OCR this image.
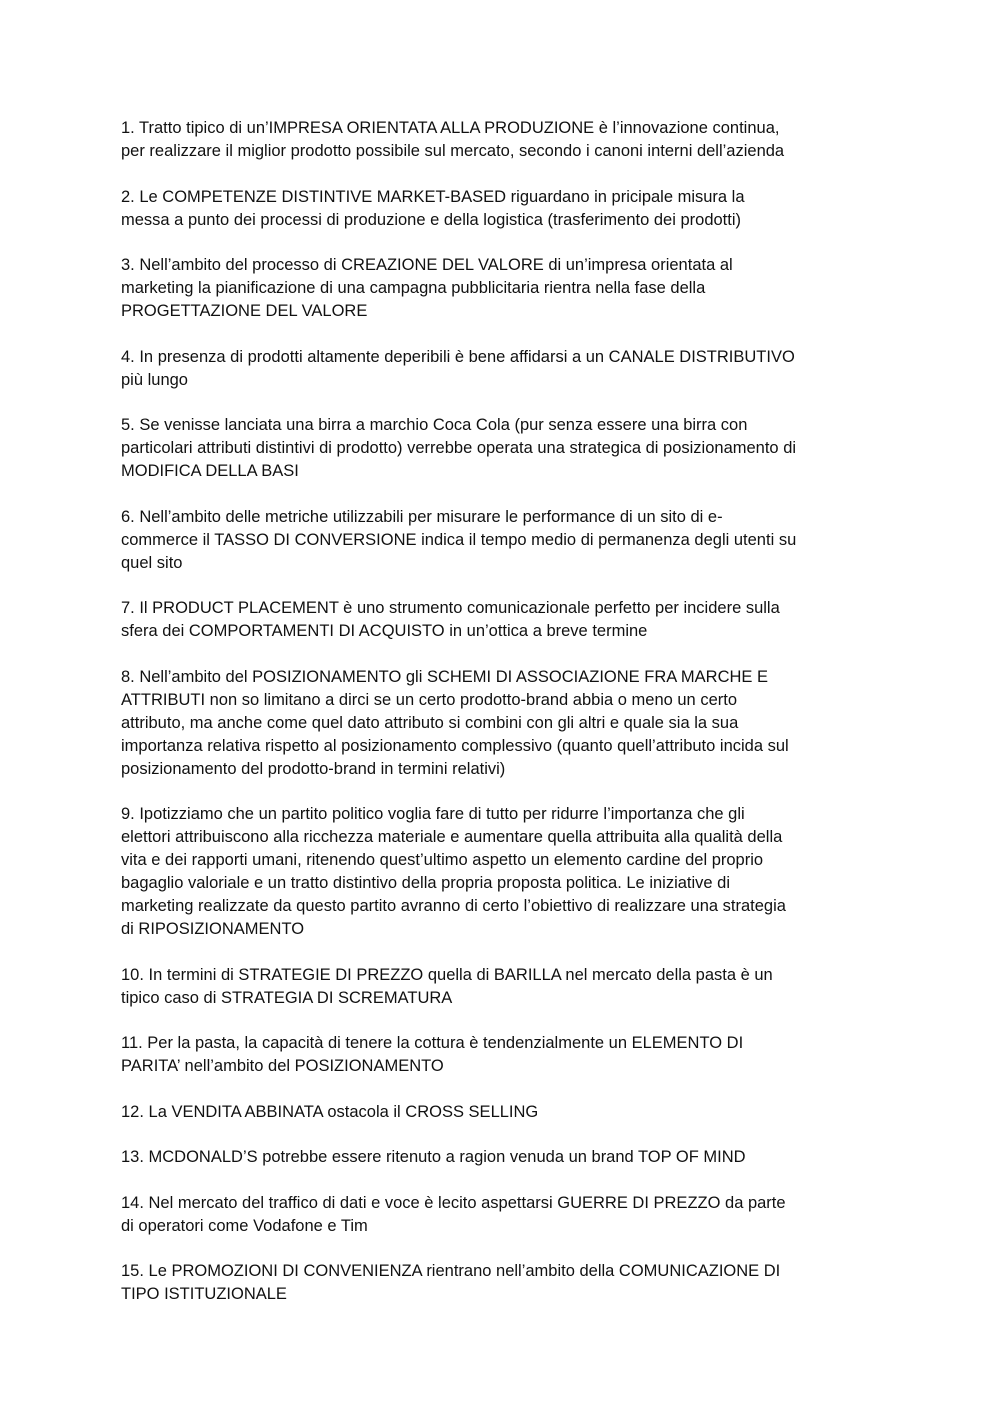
1. Tratto tipico di un’IMPRESA ORIENTATA ALLA PRODUZIONE è l’innovazione continua,
per realizzare il miglior prodotto possibile sul mercato, secondo i canoni interni dell’azienda

2. Le COMPETENZE DISTINTIVE MARKET-BASED riguardano in pricipale misura la
messa a punto dei processi di produzione e della logistica (trasferimento dei prodotti)

3. Nell’ambito del processo di CREAZIONE DEL VALORE di un’impresa orientata al
marketing la pianificazione di una campagna pubblicitaria rientra nella fase della
PROGETTAZIONE DEL VALORE

4. In presenza di prodotti altamente deperibili è bene affidarsi a un CANALE DISTRIBUTIVO
più lungo

5. Se venisse lanciata una birra a marchio Coca Cola (pur senza essere una birra con
particolari attributi distintivi di prodotto) verrebbe operata una strategica di posizionamento di
MODIFICA DELLA BASI

6. Nell’ambito delle metriche utilizzabili per misurare le performance di un sito di e-
commerce il TASSO DI CONVERSIONE indica il tempo medio di permanenza degli utenti su
quel sito

7. Il PRODUCT PLACEMENT è uno strumento comunicazionale perfetto per incidere sulla
sfera dei COMPORTAMENTI DI ACQUISTO in un’ottica a breve termine

8. Nell’ambito del POSIZIONAMENTO gli SCHEMI DI ASSOCIAZIONE FRA MARCHE E
ATTRIBUTI non so limitano a dirci se un certo prodotto-brand abbia o meno un certo
attributo, ma anche come quel dato attributo si combini con gli altri e quale sia la sua
importanza relativa rispetto al posizionamento complessivo (quanto quell’attributo incida sul
posizionamento del prodotto-brand in termini relativi)

9. Ipotizziamo che un partito politico voglia fare di tutto per ridurre l’importanza che gli
elettori attribuiscono alla ricchezza materiale e aumentare quella attribuita alla qualità della
vita e dei rapporti umani, ritenendo quest’ultimo aspetto un elemento cardine del proprio
bagaglio valoriale e un tratto distintivo della propria proposta politica. Le iniziative di
marketing realizzate da questo partito avranno di certo l’obiettivo di realizzare una strategia
di RIPOSIZIONAMENTO

10. In termini di STRATEGIE DI PREZZO quella di BARILLA nel mercato della pasta è un
tipico caso di STRATEGIA DI SCREMATURA

11. Per la pasta, la capacità di tenere la cottura è tendenzialmente un ELEMENTO DI
PARITA’ nell’ambito del POSIZIONAMENTO

12. La VENDITA ABBINATA ostacola il CROSS SELLING

13. MCDONALD’S potrebbe essere ritenuto a ragion venuda un brand TOP OF MIND

14. Nel mercato del traffico di dati e voce è lecito aspettarsi GUERRE DI PREZZO da parte
di operatori come Vodafone e Tim

15. Le PROMOZIONI DI CONVENIENZA rientrano nell’ambito della COMUNICAZIONE DI
TIPO ISTITUZIONALE
